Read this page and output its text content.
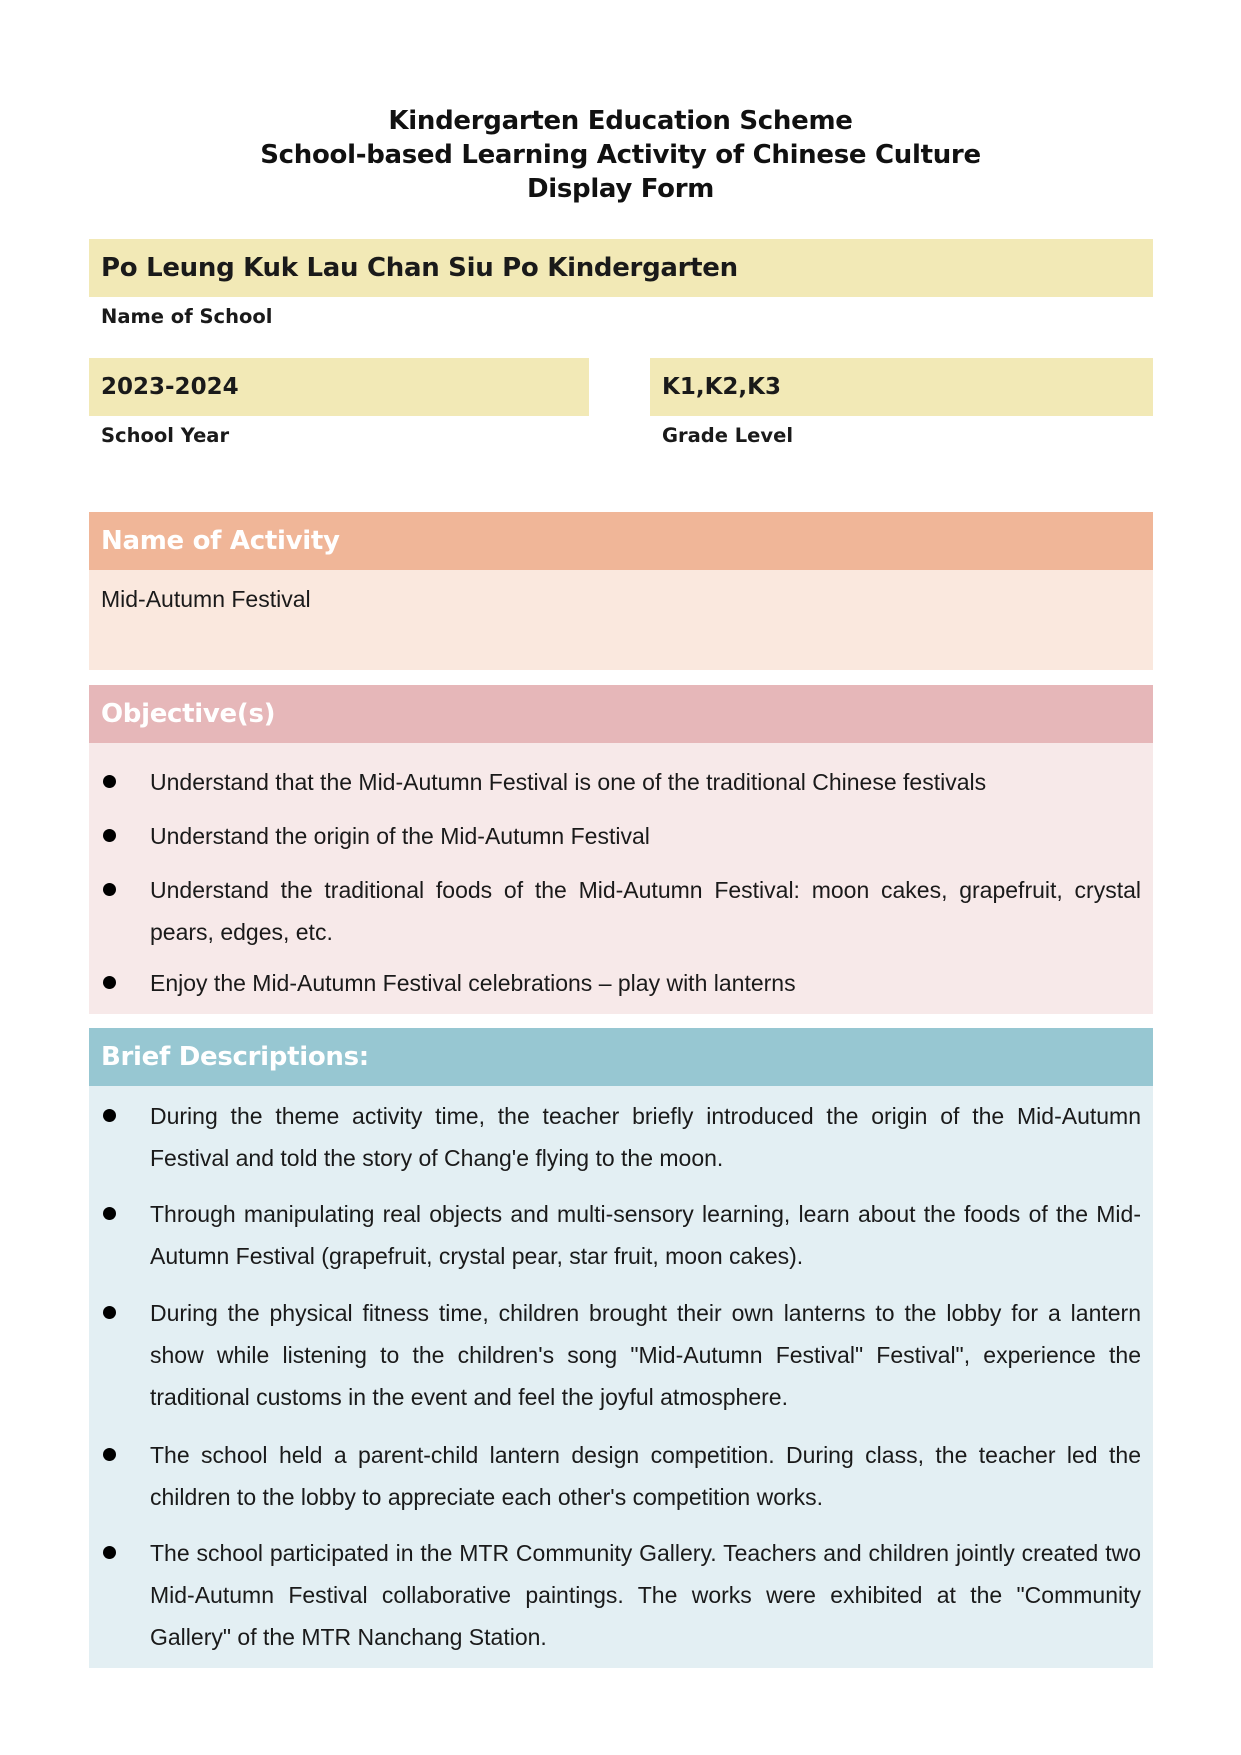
Kindergarten Education Scheme
School-based Learning Activity of Chinese Culture
Display Form
Po Leung Kuk Lau Chan Siu Po Kindergarten
Name of School
2023-2024
School Year
K1,K2,K3
Grade Level
Name of Activity
Mid-Autumn Festival
Objective(s)
Understand that the Mid-Autumn Festival is one of the traditional Chinese festivals
Understand the origin of the Mid-Autumn Festival
Understand the traditional foods of the Mid-Autumn Festival: moon cakes, grapefruit, crystal pears, edges, etc.
Enjoy the Mid-Autumn Festival celebrations – play with lanterns
Brief Descriptions:
During the theme activity time, the teacher briefly introduced the origin of the Mid-Autumn Festival and told the story of Chang'e flying to the moon.
Through manipulating real objects and multi-sensory learning, learn about the foods of the Mid-Autumn Festival (grapefruit, crystal pear, star fruit, moon cakes).
During the physical fitness time, children brought their own lanterns to the lobby for a lantern show while listening to the children's song "Mid-Autumn Festival" Festival", experience the traditional customs in the event and feel the joyful atmosphere.
The school held a parent-child lantern design competition. During class, the teacher led the children to the lobby to appreciate each other's competition works.
The school participated in the MTR Community Gallery. Teachers and children jointly created two Mid-Autumn Festival collaborative paintings. The works were exhibited at the "Community Gallery" of the MTR Nanchang Station.
